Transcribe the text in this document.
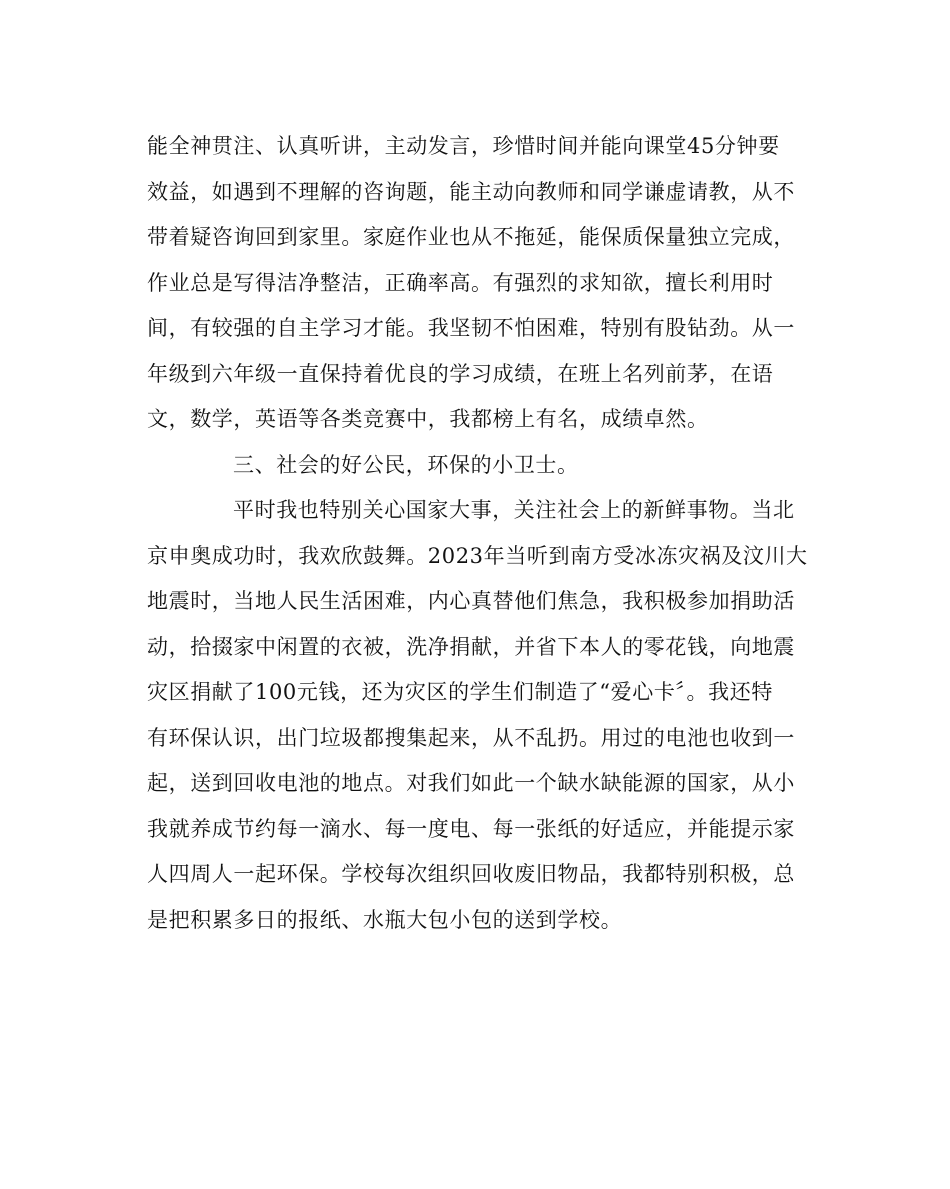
能全神贯注、认真听讲，主动发言，珍惜时间并能向课堂45分钟要
效益，如遇到不理解的咨询题，能主动向教师和同学谦虚请教，从不
带着疑咨询回到家里。家庭作业也从不拖延，能保质保量独立完成，
作业总是写得洁净整洁，正确率高。有强烈的求知欲，擅长利用时
间，有较强的自主学习才能。我坚韧不怕困难，特别有股钻劲。从一
年级到六年级一直保持着优良的学习成绩，在班上名列前茅，在语
文，数学，英语等各类竞赛中，我都榜上有名，成绩卓然。
三、社会的好公民，环保的小卫士。
平时我也特别关心国家大事，关注社会上的新鲜事物。当北
京申奥成功时，我欢欣鼓舞。2023年当听到南方受冰冻灾祸及汶川大
地震时，当地人民生活困难，内心真替他们焦急，我积极参加捐助活
动，拾掇家中闲置的衣被，洗净捐献，并省下本人的零花钱，向地震
灾区捐献了100元钱，还为灾区的学生们制造了“爱心卡〞。我还特
有环保认识，出门垃圾都搜集起来，从不乱扔。用过的电池也收到一
起，送到回收电池的地点。对我们如此一个缺水缺能源的国家，从小
我就养成节约每一滴水、每一度电、每一张纸的好适应，并能提示家
人四周人一起环保。学校每次组织回收废旧物品，我都特别积极，总
是把积累多日的报纸、水瓶大包小包的送到学校。
